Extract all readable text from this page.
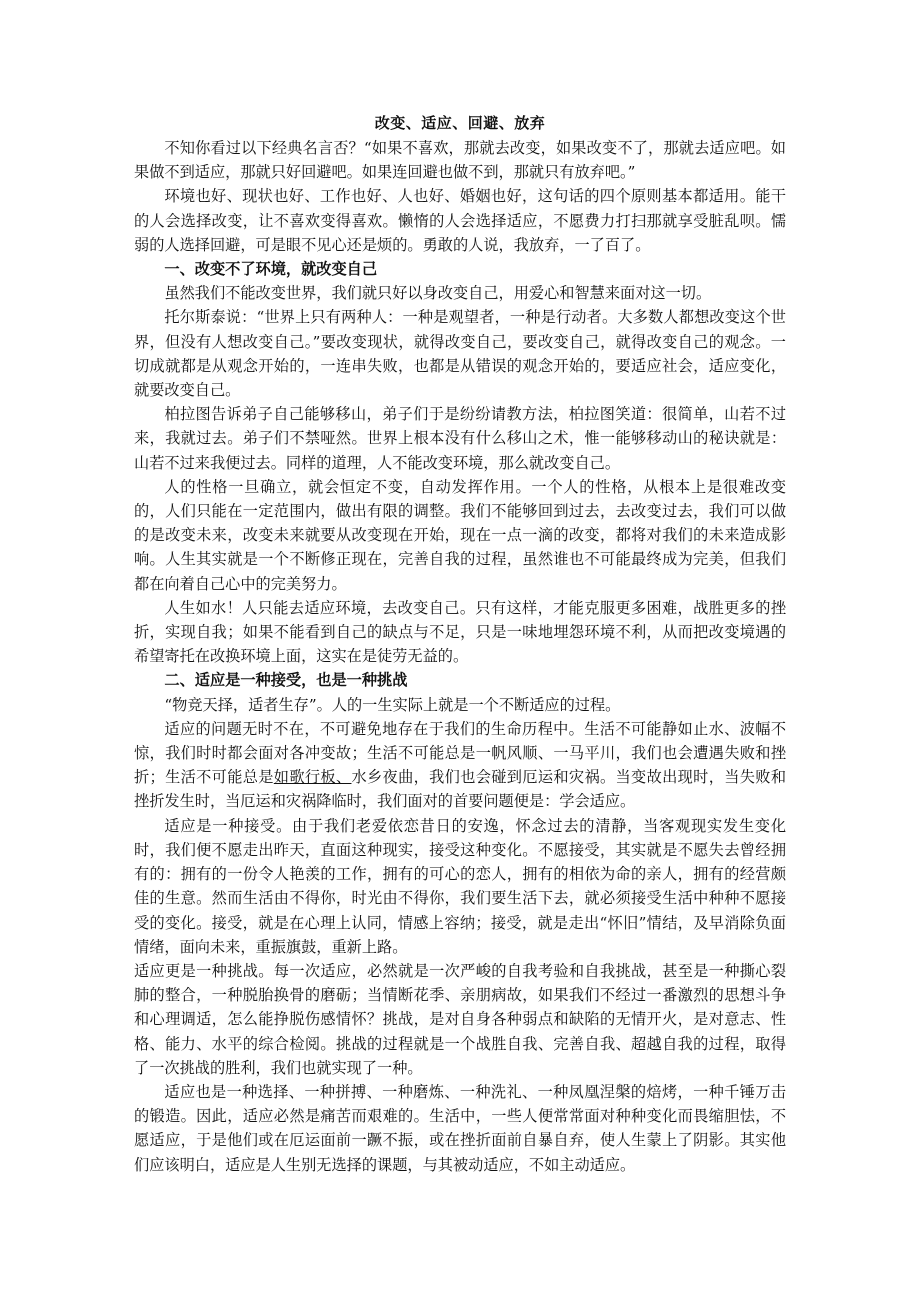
改变、适应、回避、放弃

不知你看过以下经典名言否？“如果不喜欢，那就去改变，如果改变不了，那就去适应吧。如果做不到适应，那就只好回避吧。如果连回避也做不到，那就只有放弃吧。”

环境也好、现状也好、工作也好、人也好、婚姻也好，这句话的四个原则基本都适用。能干的人会选择改变，让不喜欢变得喜欢。懒惰的人会选择适应，不愿费力打扫那就享受脏乱呗。懦弱的人选择回避，可是眼不见心还是烦的。勇敢的人说，我放弃，一了百了。

一、改变不了环境，就改变自己

虽然我们不能改变世界，我们就只好以身改变自己，用爱心和智慧来面对这一切。

托尔斯泰说：“世界上只有两种人：一种是观望者，一种是行动者。大多数人都想改变这个世界，但没有人想改变自己。”要改变现状，就得改变自己，要改变自己，就得改变自己的观念。一切成就都是从观念开始的，一连串失败，也都是从错误的观念开始的，要适应社会，适应变化，就要改变自己。

柏拉图告诉弟子自己能够移山，弟子们于是纷纷请教方法，柏拉图笑道：很简单，山若不过来，我就过去。弟子们不禁哑然。世界上根本没有什么移山之术，惟一能够移动山的秘诀就是：山若不过来我便过去。同样的道理，人不能改变环境，那么就改变自己。

人的性格一旦确立，就会恒定不变，自动发挥作用。一个人的性格，从根本上是很难改变的，人们只能在一定范围内，做出有限的调整。我们不能够回到过去，去改变过去，我们可以做的是改变未来，改变未来就要从改变现在开始，现在一点一滴的改变，都将对我们的未来造成影响。人生其实就是一个不断修正现在，完善自我的过程，虽然谁也不可能最终成为完美，但我们都在向着自己心中的完美努力。

人生如水！人只能去适应环境，去改变自己。只有这样，才能克服更多困难，战胜更多的挫折，实现自我；如果不能看到自己的缺点与不足，只是一味地埋怨环境不利，从而把改变境遇的希望寄托在改换环境上面，这实在是徒劳无益的。

二、适应是一种接受，也是一种挑战

“物竞天择，适者生存”。人的一生实际上就是一个不断适应的过程。

适应的问题无时不在，不可避免地存在于我们的生命历程中。生活不可能静如止水、波幅不惊，我们时时都会面对各冲变故；生活不可能总是一帆风顺、一马平川，我们也会遭遇失败和挫折；生活不可能总是如歌行板、水乡夜曲，我们也会碰到厄运和灾祸。当变故出现时，当失败和挫折发生时，当厄运和灾祸降临时，我们面对的首要问题便是：学会适应。

适应是一种接受。由于我们老爱依恋昔日的安逸，怀念过去的清静，当客观现实发生变化时，我们便不愿走出昨天，直面这种现实，接受这种变化。不愿接受，其实就是不愿失去曾经拥有的：拥有的一份令人艳羡的工作，拥有的可心的恋人，拥有的相依为命的亲人，拥有的经营颇佳的生意。然而生活由不得你，时光由不得你，我们要生活下去，就必须接受生活中种种不愿接受的变化。接受，就是在心理上认同，情感上容纳；接受，就是走出“怀旧”情结，及早消除负面情绪，面向未来，重振旗鼓，重新上路。

适应更是一种挑战。每一次适应，必然就是一次严峻的自我考验和自我挑战，甚至是一种撕心裂肺的整合，一种脱胎换骨的磨砺；当情断花季、亲朋病故，如果我们不经过一番激烈的思想斗争和心理调适，怎么能挣脱伤感情怀？挑战，是对自身各种弱点和缺陷的无情开火，是对意志、性格、能力、水平的综合检阅。挑战的过程就是一个战胜自我、完善自我、超越自我的过程，取得了一次挑战的胜利，我们也就实现了一种。

适应也是一种选择、一种拼搏、一种磨炼、一种洗礼、一种凤凰涅槃的焙烤，一种千锤万击的锻造。因此，适应必然是痛苦而艰难的。生活中，一些人便常常面对种种变化而畏缩胆怯，不愿适应，于是他们或在厄运面前一蹶不振，或在挫折面前自暴自弃，使人生蒙上了阴影。其实他们应该明白，适应是人生别无选择的课题，与其被动适应，不如主动适应。
